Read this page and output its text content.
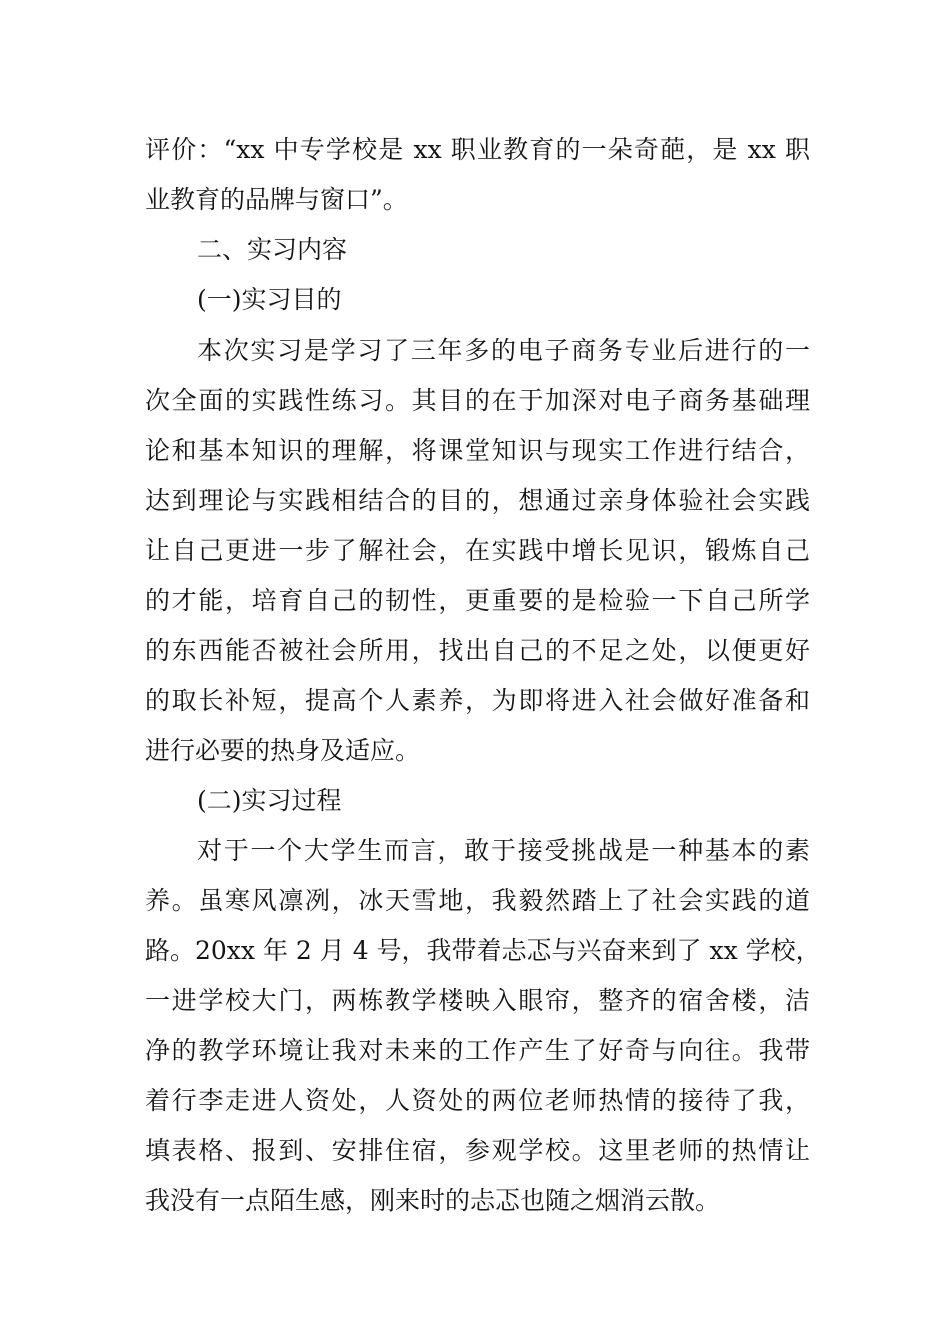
评价：“xx 中专学校是 xx 职业教育的一朵奇葩，是 xx 职
业教育的品牌与窗口”。
二、实习内容
(一)实习目的
本次实习是学习了三年多的电子商务专业后进行的一
次全面的实践性练习。其目的在于加深对电子商务基础理
论和基本知识的理解，将课堂知识与现实工作进行结合，
达到理论与实践相结合的目的，想通过亲身体验社会实践
让自己更进一步了解社会，在实践中增长见识，锻炼自己
的才能，培育自己的韧性，更重要的是检验一下自己所学
的东西能否被社会所用，找出自己的不足之处，以便更好
的取长补短，提高个人素养，为即将进入社会做好准备和
进行必要的热身及适应。
(二)实习过程
对于一个大学生而言，敢于接受挑战是一种基本的素
养。虽寒风凛冽，冰天雪地，我毅然踏上了社会实践的道
路。20xx 年 2 月 4 号，我带着忐忑与兴奋来到了 xx 学校，
一进学校大门，两栋教学楼映入眼帘，整齐的宿舍楼，洁
净的教学环境让我对未来的工作产生了好奇与向往。我带
着行李走进人资处，人资处的两位老师热情的接待了我，
填表格、报到、安排住宿，参观学校。这里老师的热情让
我没有一点陌生感，刚来时的忐忑也随之烟消云散。
